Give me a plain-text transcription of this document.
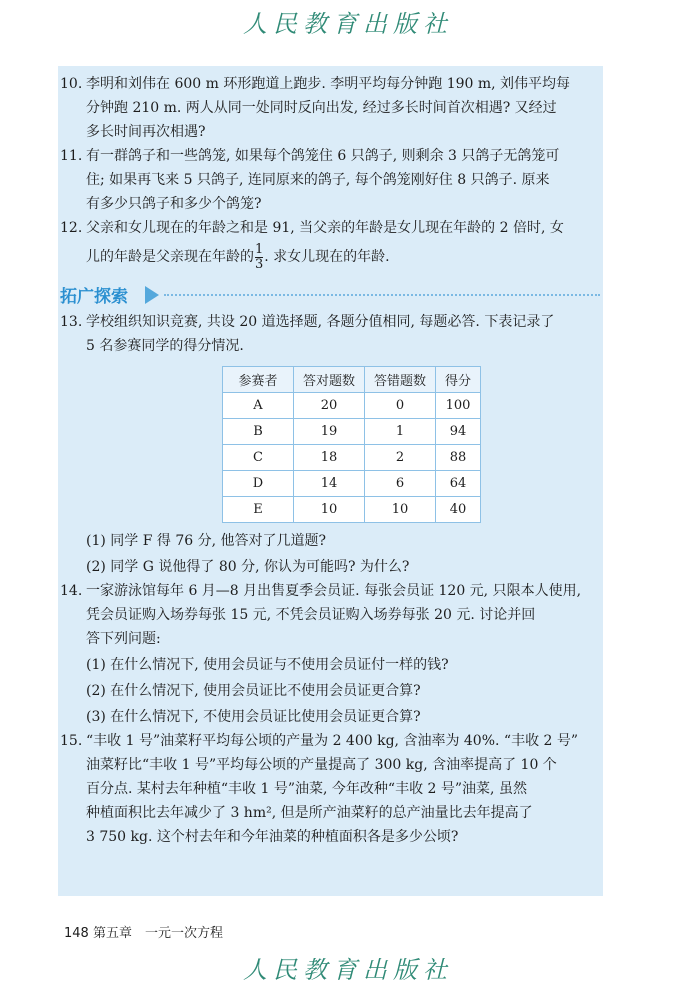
人民教育出版社
10. 李明和刘伟在 600 m 环形跑道上跑步. 李明平均每分钟跑 190 m, 刘伟平均每
分钟跑 210 m. 两人从同一处同时反向出发, 经过多长时间首次相遇? 又经过
多长时间再次相遇?
11. 有一群鸽子和一些鸽笼, 如果每个鸽笼住 6 只鸽子, 则剩余 3 只鸽子无鸽笼可
住; 如果再飞来 5 只鸽子, 连同原来的鸽子, 每个鸽笼刚好住 8 只鸽子. 原来
有多少只鸽子和多少个鸽笼?
12. 父亲和女儿现在的年龄之和是 91, 当父亲的年龄是女儿现在年龄的 2 倍时, 女
儿的年龄是父亲现在年龄的 $\frac{1}{3}$ . 求女儿现在的年龄.
拓广探索
13. 学校组织知识竞赛, 共设 20 道选择题, 各题分值相同, 每题必答. 下表记录了
5 名参赛同学的得分情况.
参赛者	答对题数	答错题数	得分
A	20	0	100
B	19	1	94
C	18	2	88
D	14	6	64
E	10	10	40
(1) 同学 F 得 76 分, 他答对了几道题?
(2) 同学 G 说他得了 80 分, 你认为可能吗? 为什么?
14. 一家游泳馆每年 6 月—8 月出售夏季会员证. 每张会员证 120 元, 只限本人使用,
凭会员证购入场券每张 15 元, 不凭会员证购入场券每张 20 元. 讨论并回
答下列问题:
(1) 在什么情况下, 使用会员证与不使用会员证付一样的钱?
(2) 在什么情况下, 使用会员证比不使用会员证更合算?
(3) 在什么情况下, 不使用会员证比使用会员证更合算?
15. “丰收 1 号”油菜籽平均每公顷的产量为 2 400 kg, 含油率为 40%. “丰收 2 号”
油菜籽比“丰收 1 号”平均每公顷的产量提高了 300 kg, 含油率提高了 10 个
百分点. 某村去年种植“丰收 1 号”油菜, 今年改种“丰收 2 号”油菜, 虽然
种植面积比去年减少了 3 hm², 但是所产油菜籽的总产油量比去年提高了
3 750 kg. 这个村去年和今年油菜的种植面积各是多少公顷?
148 第五章　一元一次方程
人民教育出版社
